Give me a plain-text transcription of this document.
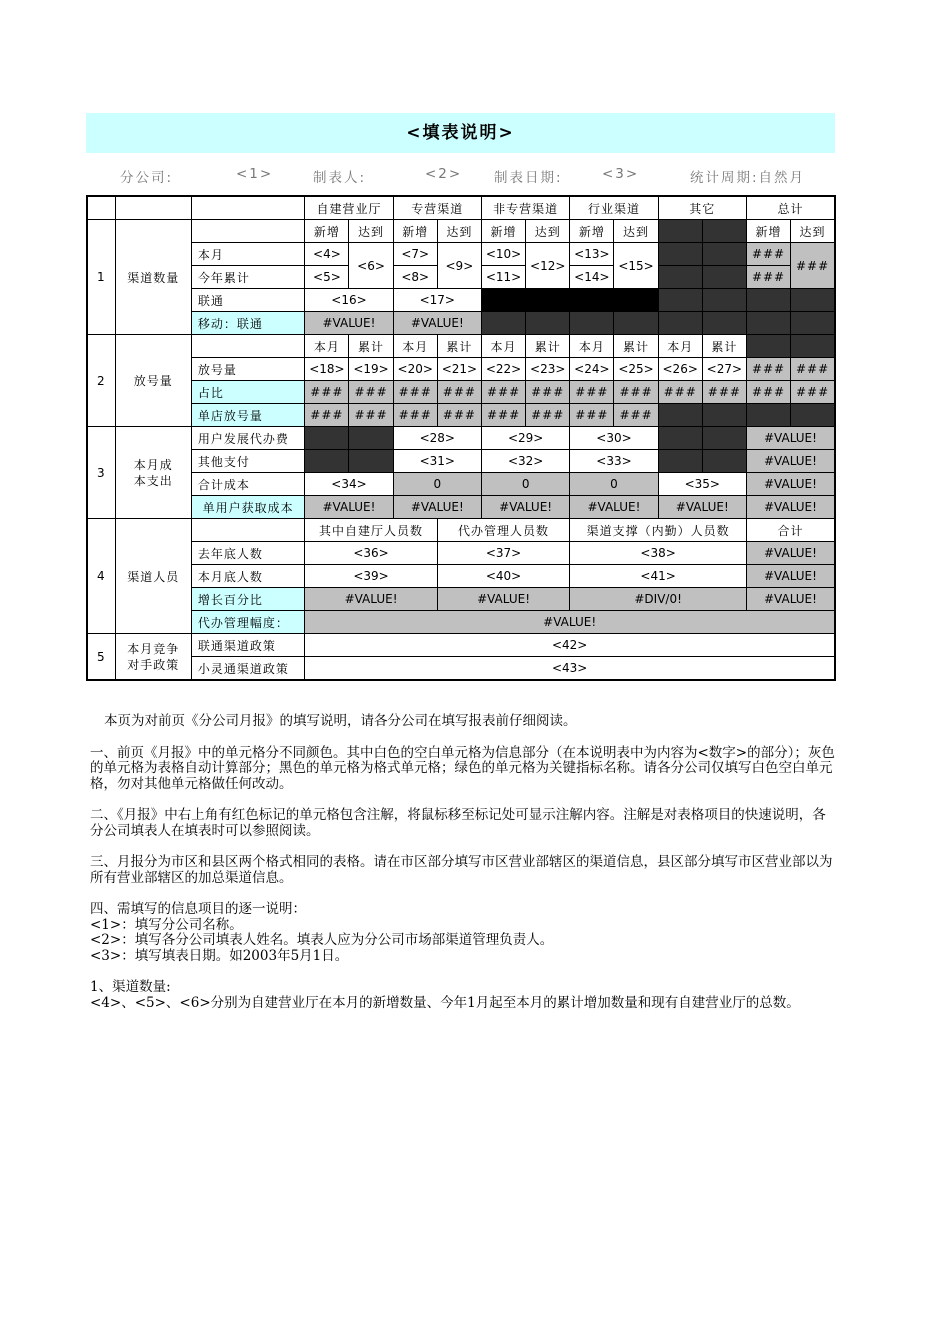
<填表说明>
分公司:	<1>	制表人:	<2> 制表日期:	<3>	统计周期:自然月
			自建营业厅		专营渠道		非专营渠道		行业渠道		其它		总计	
1	渠道数量		新增	达到	新增	达到	新增	达到	新增	达到			新增	达到
		本月	<4>	<6>	<7>	<9>	<10>	<12>	<13>	<15>			###	###
		今年累计	<5>		<8>		<11>		<14>				###	
		联通	<16>		<17>									
		移动：联通	#VALUE!		#VALUE!									
2	放号量		本月	累计	本月	累计	本月	累计	本月	累计	本月	累计		
		放号量	<18>	<19>	<20>	<21>	<22>	<23>	<24>	<25>	<26>	<27>	###	###
		占比	###	###	###	###	###	###	###	###	###	###	###	###
		单店放号量	###	###	###	###	###	###	###	###				
3	本月成本支出	用户发展代办费			<28>		<29>		<30>				#VALUE!	
		其他支付			<31>		<32>		<33>				#VALUE!	
		合计成本	<34>		0		0		0		<35>		#VALUE!	
		单用户获取成本	#VALUE!		#VALUE!		#VALUE!		#VALUE!		#VALUE!		#VALUE!	
4	渠道人员		其中自建厅人员数			代办管理人员数			渠道支撑（内勤）人员数				合计	
		去年底人数	<36>			<37>			<38>				#VALUE!	
		本月底人数	<39>			<40>			<41>				#VALUE!	
		增长百分比	#VALUE!			#VALUE!			#DIV/0!				#VALUE!	
		代办管理幅度：	#VALUE!											
5	本月竞争对手政策	联通渠道政策	<42>											
		小灵通渠道政策	<43>											

本页为对前页《分公司月报》的填写说明，请各分公司在填写报表前仔细阅读。

一、前页《月报》中的单元格分不同颜色。其中白色的空白单元格为信息部分（在本说明表中为内容为<数字>的部分）；灰色的单元格为表格自动计算部分；黑色的单元格为格式单元格；绿色的单元格为关键指标名称。请各分公司仅填写白色空白单元格，勿对其他单元格做任何改动。

二、《月报》中右上角有红色标记的单元格包含注解，将鼠标移至标记处可显示注解内容。注解是对表格项目的快速说明，各分公司填表人在填表时可以参照阅读。

三、月报分为市区和县区两个格式相同的表格。请在市区部分填写市区营业部辖区的渠道信息，县区部分填写市区营业部以为所有营业部辖区的加总渠道信息。

四、需填写的信息项目的逐一说明：

<1>：填写分公司名称。

<2>：填写各分公司填表人姓名。填表人应为分公司市场部渠道管理负责人。

<3>：填写填表日期。如2003年5月1日。

1、渠道数量:

<4>、<5>、<6>分别为自建营业厅在本月的新增数量、今年1月起至本月的累计增加数量和现有自建营业厅的总数。
